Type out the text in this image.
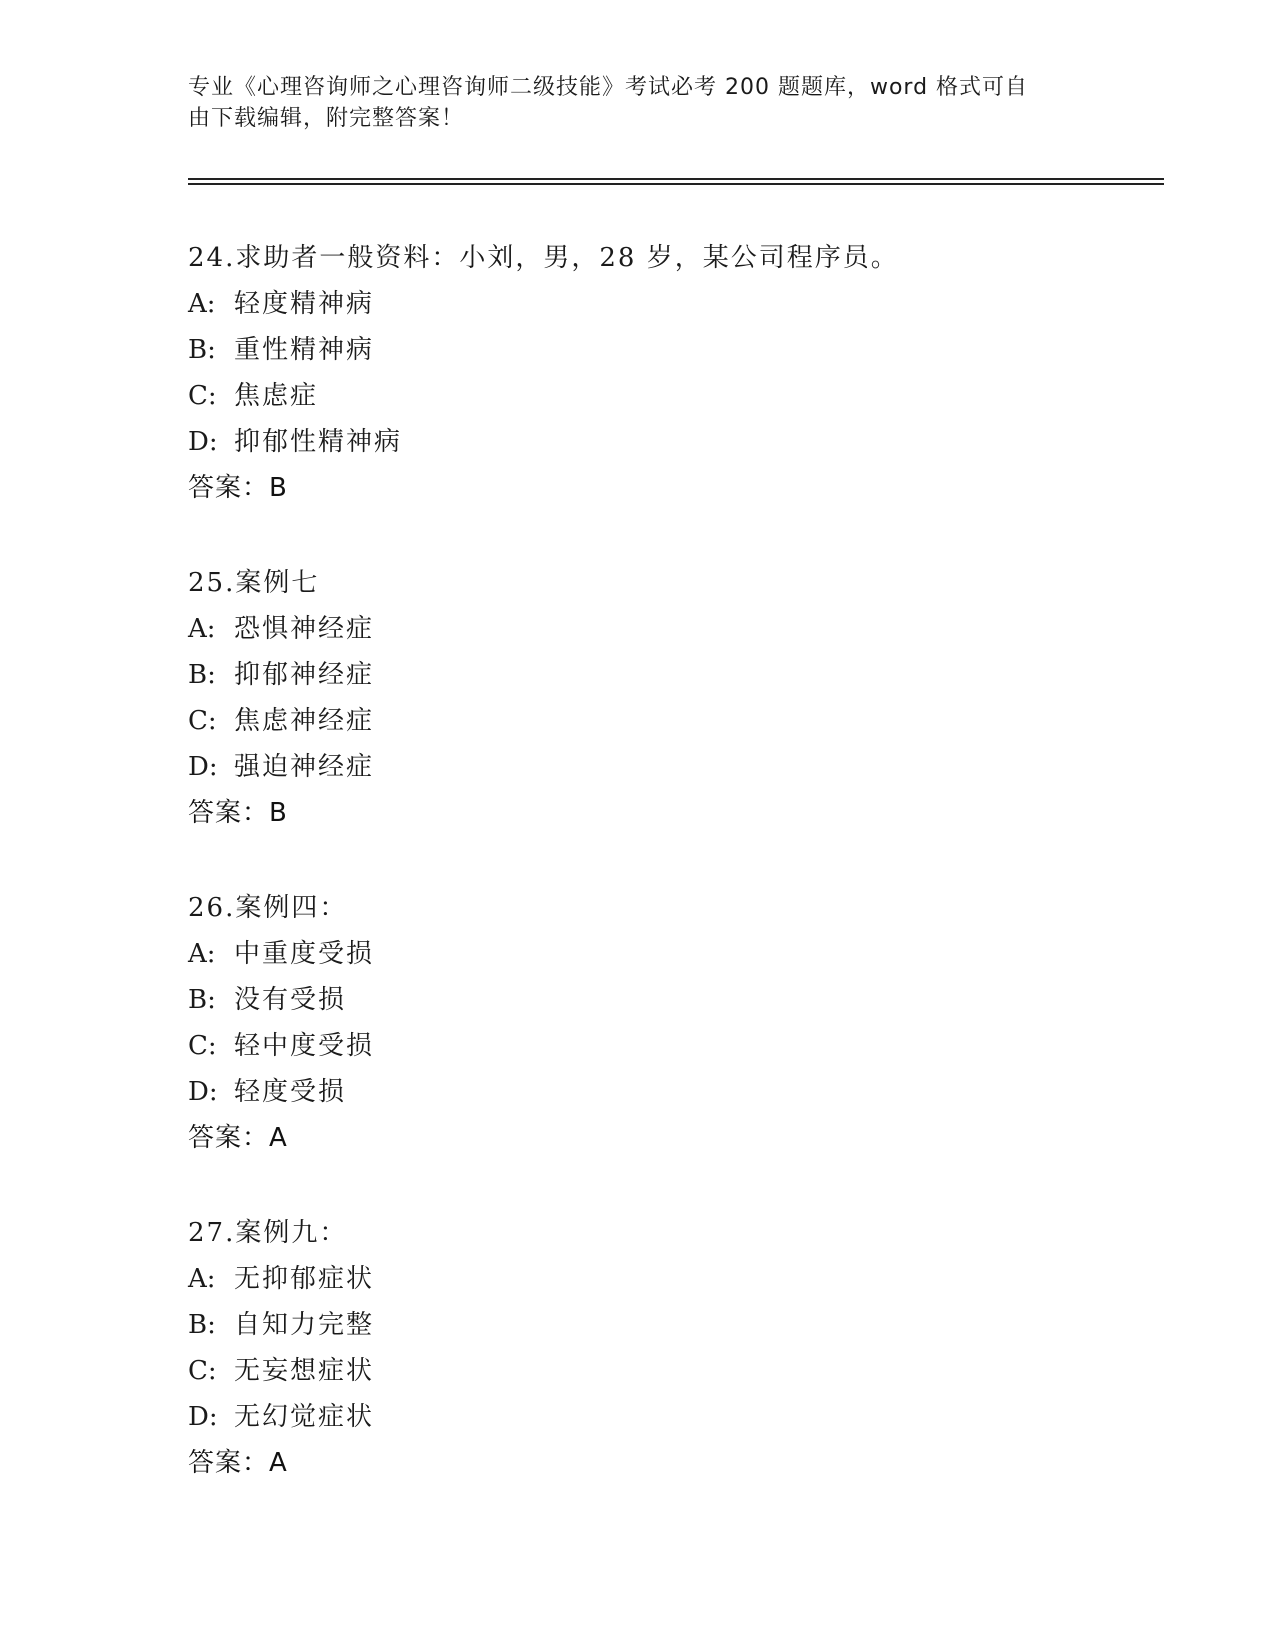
专业《心理咨询师之心理咨询师二级技能》考试必考 200 题题库，word 格式可自
由下载编辑，附完整答案！
24.求助者一般资料：小刘，男，28 岁，某公司程序员。
A: 轻度精神病
B: 重性精神病
C: 焦虑症
D: 抑郁性精神病
答案：B
25.案例七
A: 恐惧神经症
B: 抑郁神经症
C: 焦虑神经症
D: 强迫神经症
答案：B
26.案例四：
A: 中重度受损
B: 没有受损
C: 轻中度受损
D: 轻度受损
答案：A
27.案例九：
A: 无抑郁症状
B: 自知力完整
C: 无妄想症状
D: 无幻觉症状
答案：A
